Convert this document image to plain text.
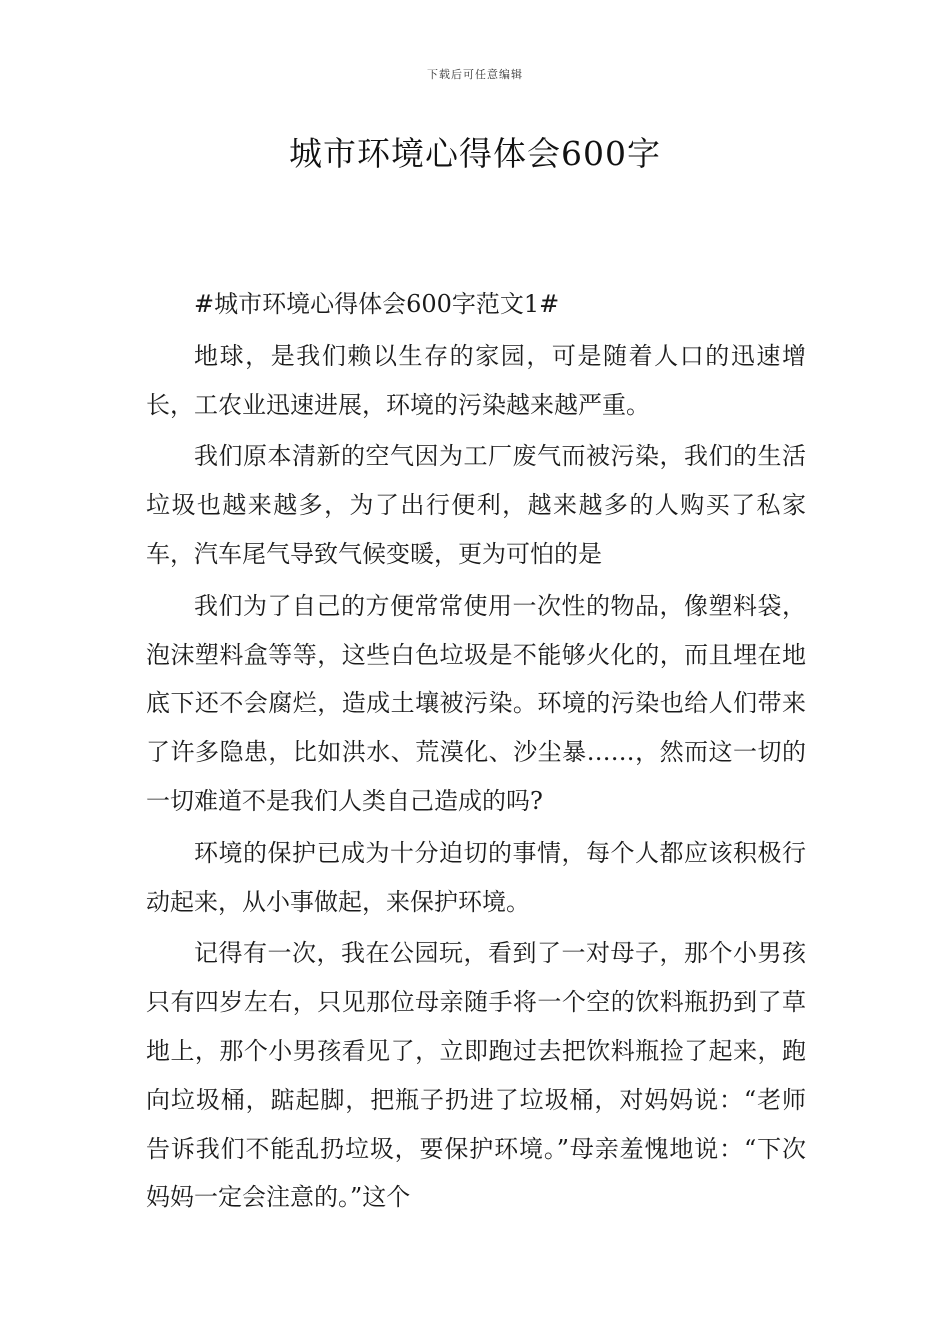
下载后可任意编辑
城市环境心得体会600字

#城市环境心得体会600字范文1#

地球，是我们赖以生存的家园，可是随着人口的迅速增长，工农业迅速进展，环境的污染越来越严重。

我们原本清新的空气因为工厂废气而被污染，我们的生活垃圾也越来越多，为了出行便利，越来越多的人购买了私家车，汽车尾气导致气候变暖，更为可怕的是

我们为了自己的方便常常使用一次性的物品，像塑料袋，泡沫塑料盒等等，这些白色垃圾是不能够火化的，而且埋在地底下还不会腐烂，造成土壤被污染。环境的污染也给人们带来了许多隐患，比如洪水、荒漠化、沙尘暴……，然而这一切的一切难道不是我们人类自己造成的吗?

环境的保护已成为十分迫切的事情，每个人都应该积极行动起来，从小事做起，来保护环境。

记得有一次，我在公园玩，看到了一对母子，那个小男孩只有四岁左右，只见那位母亲随手将一个空的饮料瓶扔到了草地上，那个小男孩看见了，立即跑过去把饮料瓶捡了起来，跑向垃圾桶，踮起脚，把瓶子扔进了垃圾桶，对妈妈说：“老师告诉我们不能乱扔垃圾，要保护环境。”母亲羞愧地说：“下次妈妈一定会注意的。”这个
